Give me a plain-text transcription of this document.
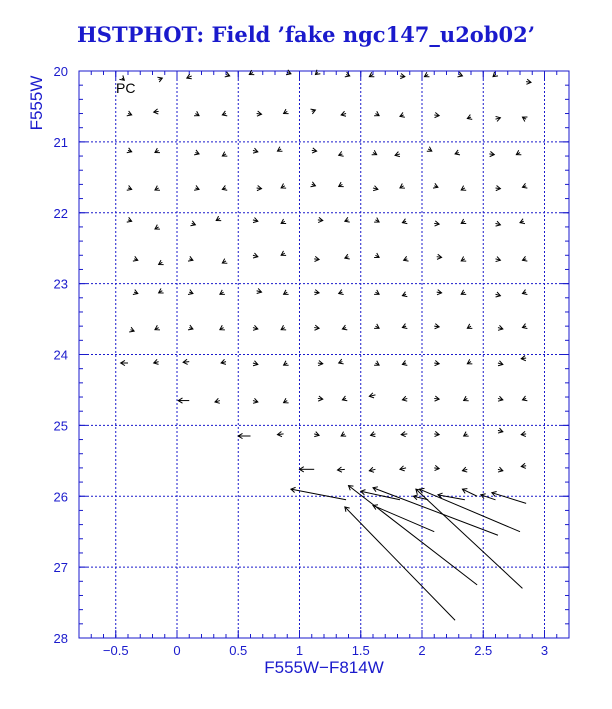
HSTPHOT: Field ’fake ngc147_u2ob02’
−0.5	0	0.5	1	1.5	2	2.5	3
20
21
22
23
24
25
26
27
28
PC
F555W−F814W
F555W
